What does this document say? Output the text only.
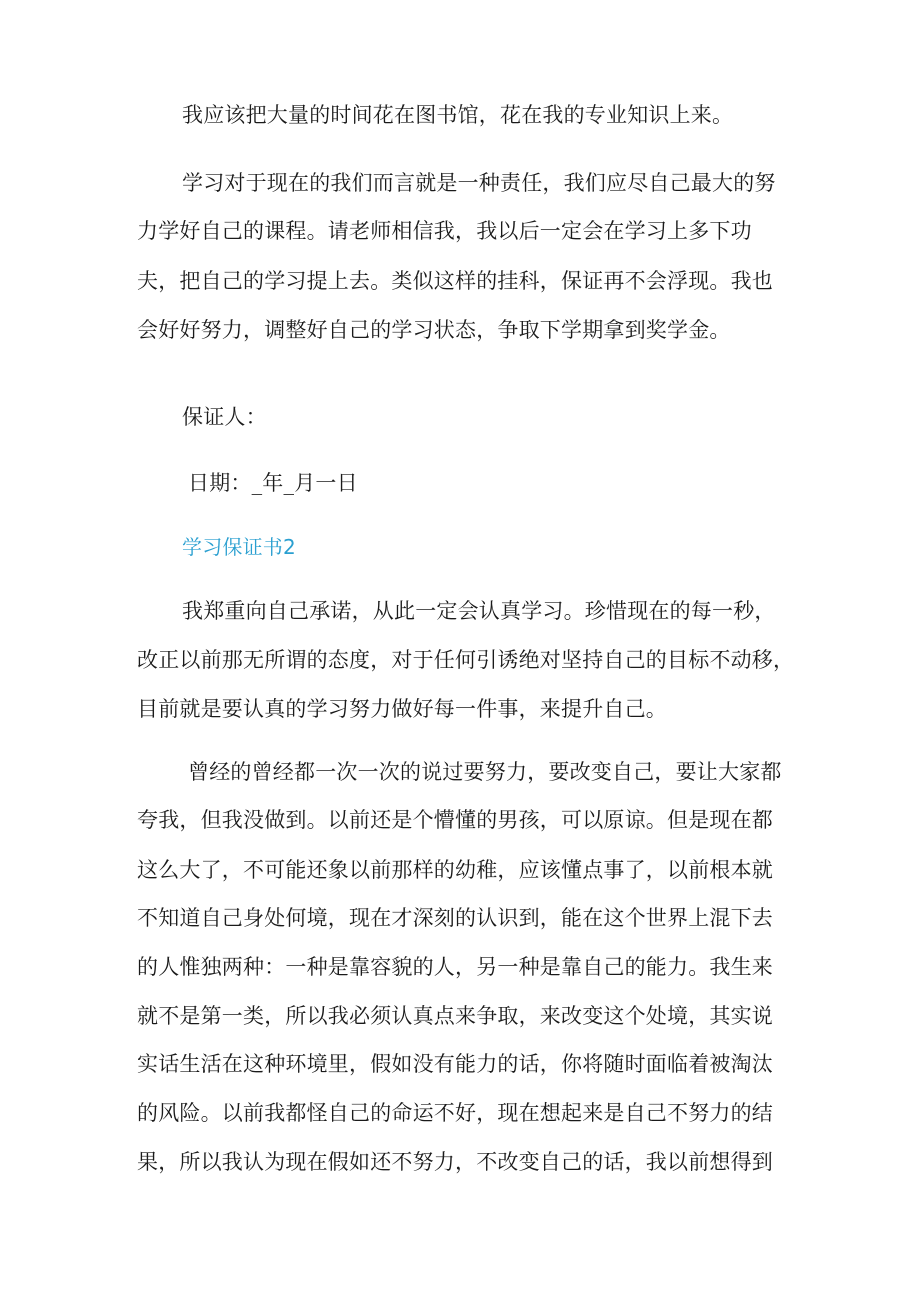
我应该把大量的时间花在图书馆，花在我的专业知识上来。

学习对于现在的我们而言就是一种责任，我们应尽自己最大的努

力学好自己的课程。请老师相信我，我以后一定会在学习上多下功

夫，把自己的学习提上去。类似这样的挂科，保证再不会浮现。我也

会好好努力，调整好自己的学习状态，争取下学期拿到奖学金。

保证人：

日期：_年_月一日

学习保证书2

我郑重向自己承诺，从此一定会认真学习。珍惜现在的每一秒，

改正以前那无所谓的态度，对于任何引诱绝对坚持自己的目标不动移，

目前就是要认真的学习努力做好每一件事，来提升自己。

曾经的曾经都一次一次的说过要努力，要改变自己，要让大家都

夸我，但我没做到。以前还是个懵懂的男孩，可以原谅。但是现在都

这么大了，不可能还象以前那样的幼稚，应该懂点事了，以前根本就

不知道自己身处何境，现在才深刻的认识到，能在这个世界上混下去

的人惟独两种：一种是靠容貌的人，另一种是靠自己的能力。我生来

就不是第一类，所以我必须认真点来争取，来改变这个处境，其实说

实话生活在这种环境里，假如没有能力的话，你将随时面临着被淘汰

的风险。以前我都怪自己的命运不好，现在想起来是自己不努力的结

果，所以我认为现在假如还不努力，不改变自己的话，我以前想得到
